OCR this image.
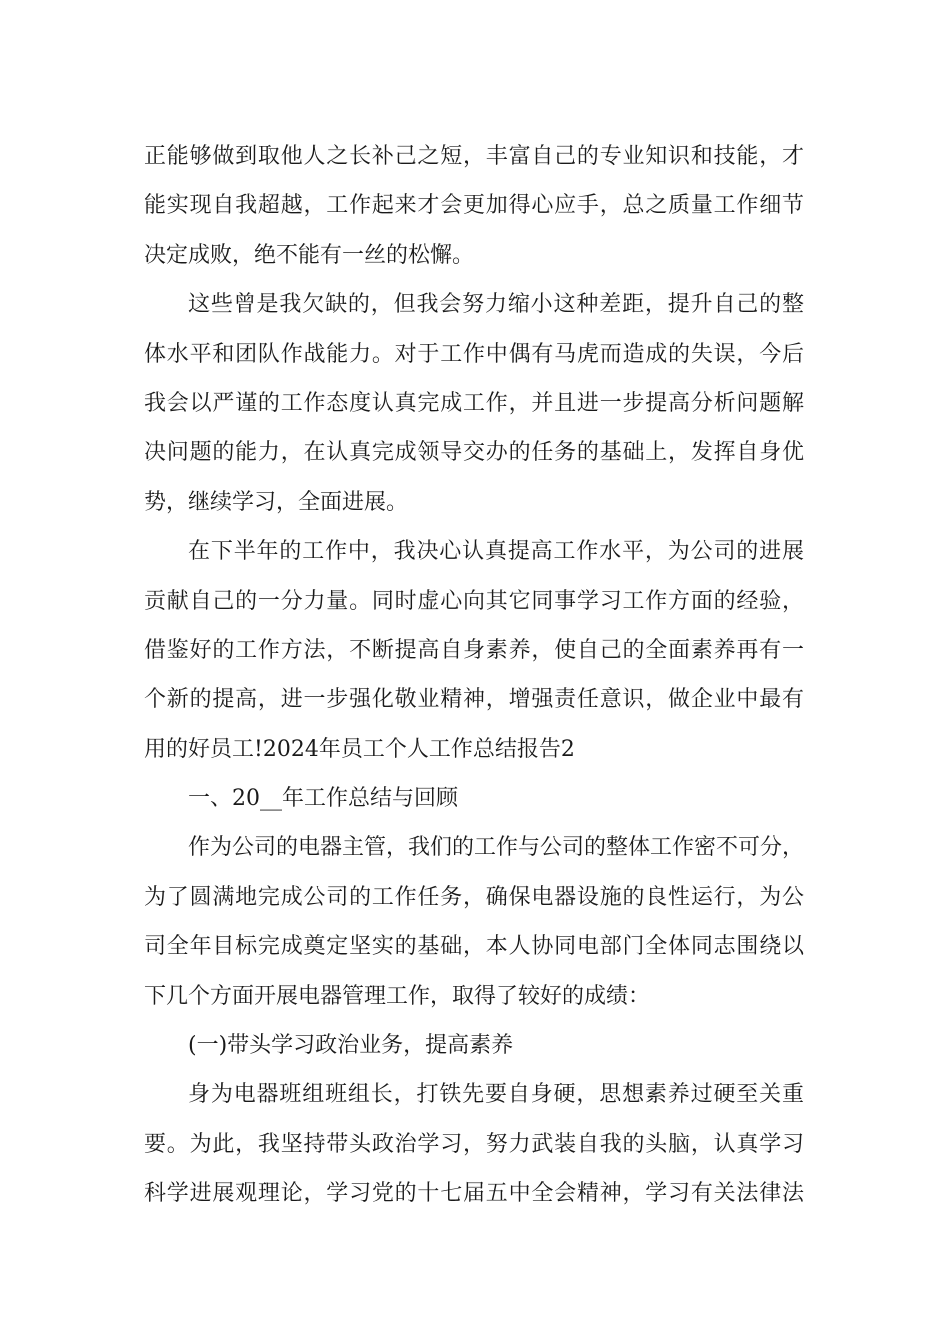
正能够做到取他人之长补己之短，丰富自己的专业知识和技能，才
能实现自我超越，工作起来才会更加得心应手，总之质量工作细节
决定成败，绝不能有一丝的松懈。
这些曾是我欠缺的，但我会努力缩小这种差距，提升自己的整
体水平和团队作战能力。对于工作中偶有马虎而造成的失误，今后
我会以严谨的工作态度认真完成工作，并且进一步提高分析问题解
决问题的能力，在认真完成领导交办的任务的基础上，发挥自身优
势，继续学习，全面进展。
在下半年的工作中，我决心认真提高工作水平，为公司的进展
贡献自己的一分力量。同时虚心向其它同事学习工作方面的经验，
借鉴好的工作方法，不断提高自身素养，使自己的全面素养再有一
个新的提高，进一步强化敬业精神，增强责任意识，做企业中最有
用的好员工!2024年员工个人工作总结报告2
一、20__年工作总结与回顾
作为公司的电器主管，我们的工作与公司的整体工作密不可分，
为了圆满地完成公司的工作任务，确保电器设施的良性运行，为公
司全年目标完成奠定坚实的基础，本人协同电部门全体同志围绕以
下几个方面开展电器管理工作，取得了较好的成绩：
(一)带头学习政治业务，提高素养
身为电器班组班组长，打铁先要自身硬，思想素养过硬至关重
要。为此，我坚持带头政治学习，努力武装自我的头脑，认真学习
科学进展观理论，学习党的十七届五中全会精神，学习有关法律法
